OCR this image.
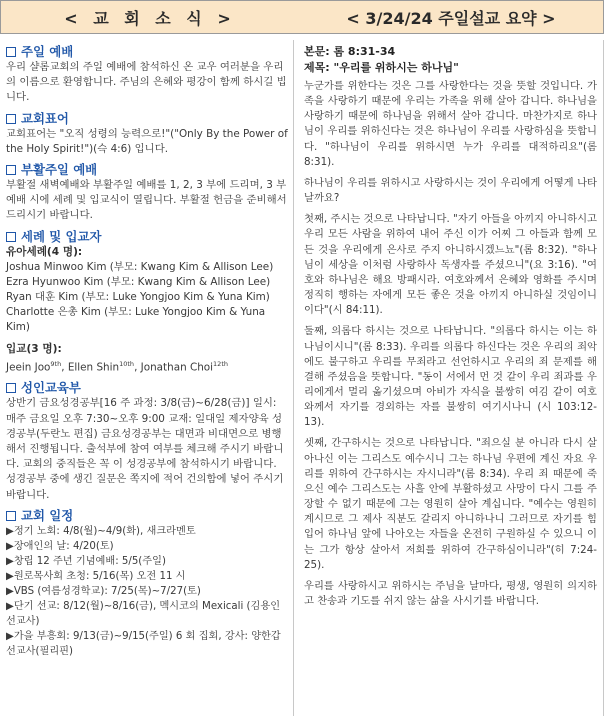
< 교 회 소 식 >	< 3/24/24 주일설교 요약 >
주일 예배

우리 샬롬교회의 주일 예배에 참석하신 온 교우 여러분을 우리의 이름으로 환영합니다. 주님의 은혜와 평강이 함께 하시길 빕니다.

교회표어

교회표어는 "오직 성령의 능력으로!"("Only By the Power of the Holy Spirit!")(슥 4:6) 입니다.

부활주일 예배

부활절 새벽예배와 부활주일 예배를 1, 2, 3 부에 드리며, 3 부 예배 시에 세례 및 입교식이 열립니다. 부활절 헌금을 준비해서 드리시기 바랍니다.

세례 및 입교자
유아세례(4 명):
Joshua Minwoo Kim (부모: Kwang Kim & Allison Lee)
Ezra Hyunwoo Kim (부모: Kwang Kim & Allison Lee)
Ryan 대훈 Kim (부모: Luke Yongjoo Kim & Yuna Kim)
Charlotte 은총 Kim (부모: Luke Yongjoo Kim & Yuna Kim)
입교(3 명):
Jeein Joo$^{9th}$, Ellen Shin$^{10th}$, Jonathan Choi$^{12th}$
성인교육부

상반기 금요성경공부[16 주 과정: 3/8(금)~6/28(금)] 일시: 매주 금요일 오후 7:30~오후 9:00 교재: 일대일 제자양육 성경공부(두란노 편집) 금요성경공부는 대면과 비대면으로 병행해서 진행됩니다. 출석부에 참여 여부를 체크해 주시기 바랍니다. 교회의 중직들은 꼭 이 성경공부에 참석하시기 바랍니다. 성경공부 중에 생긴 질문은 쪽지에 적어 건의함에 넣어 주시기 바랍니다.

교회 일정
▶정기 노회: 4/8(월)~4/9(화), 새크라멘토
▶장애인의 날: 4/20(토)
▶창립 12 주년 기념예배: 5/5(주일)
▶원로목사회 초청: 5/16(목) 오전 11 시
▶VBS (여름성경학교): 7/25(목)~7/27(토)
▶단기 선교: 8/12(월)~8/16(금), 멕시코의 Mexicali (김용인 선교사)
▶가을 부흥회: 9/13(금)~9/15(주일) 6 회 집회, 강사: 양한갑 선교사(필리핀)
본문: 롬 8:31-34
제목: "우리를 위하시는 하나님"

누군가를 위한다는 것은 그를 사랑한다는 것을 뜻할 것입니다. 가족을 사랑하기 때문에 우리는 가족을 위해 살아 갑니다. 하나님을 사랑하기 때문에 하나님을 위해서 살아 갑니다. 마찬가지로 하나님이 우리를 위하신다는 것은 하나님이 우리를 사랑하심을 뜻합니다. "하나님이 우리를 위하시면 누가 우리를 대적하리요"(롬 8:31).

하나님이 우리를 위하시고 사랑하시는 것이 우리에게 어떻게 나타날까요?

첫째, 주시는 것으로 나타납니다. "자기 아들을 아끼지 아니하시고 우리 모든 사람을 위하여 내어 주신 이가 어찌 그 아들과 함께 모든 것을 우리에게 은사로 주지 아니하시겠느뇨"(롬 8:32). "하나님이 세상을 이처럼 사랑하사 독생자를 주셨으니"(요 3:16). "여호와 하나님은 해요 방패시라. 여호와께서 은혜와 영화를 주시며 정직히 행하는 자에게 모든 좋은 것을 아끼지 아니하실 것임이니이다"(시 84:11).

둘째, 의롭다 하시는 것으로 나타납니다. "의롭다 하시는 이는 하나님이시니"(롬 8:33). 우리를 의롭다 하신다는 것은 우리의 죄악에도 불구하고 우리를 무죄라고 선언하시고 우리의 죄 문제를 해결해 주셨음을 뜻합니다. "동이 서에서 먼 것 같이 우리 죄과를 우리에게서 멀리 옮기셨으며 아비가 자식을 불쌍히 여김 같이 여호와께서 자기를 경외하는 자를 불쌍히 여기시나니 (시 103:12-13).

셋째, 간구하시는 것으로 나타납니다. "죄으실 분 아니라 다시 살아나신 이는 그리스도 예수시니 그는 하나님 우편에 계신 자요 우리를 위하여 간구하시는 자시니라"(롬 8:34). 우리 죄 때문에 죽으신 예수 그리스도는 사흘 안에 부활하셨고 사망이 다시 그를 주장할 수 없기 때문에 그는 영원히 살아 계십니다. "예수는 영원히 계시므로 그 제사 직분도 갈리지 아니하나니 그러므로 자기를 힘입어 하나님 앞에 나아오는 자들을 온전히 구원하실 수 있으니 이는 그가 항상 살아서 저희를 위하여 간구하심이니라"(히 7:24-25).

우리를 사랑하시고 위하시는 주님을 날마다, 평생, 영원히 의지하고 찬송과 기도를 쉬지 않는 삶을 사시기를 바랍니다.
